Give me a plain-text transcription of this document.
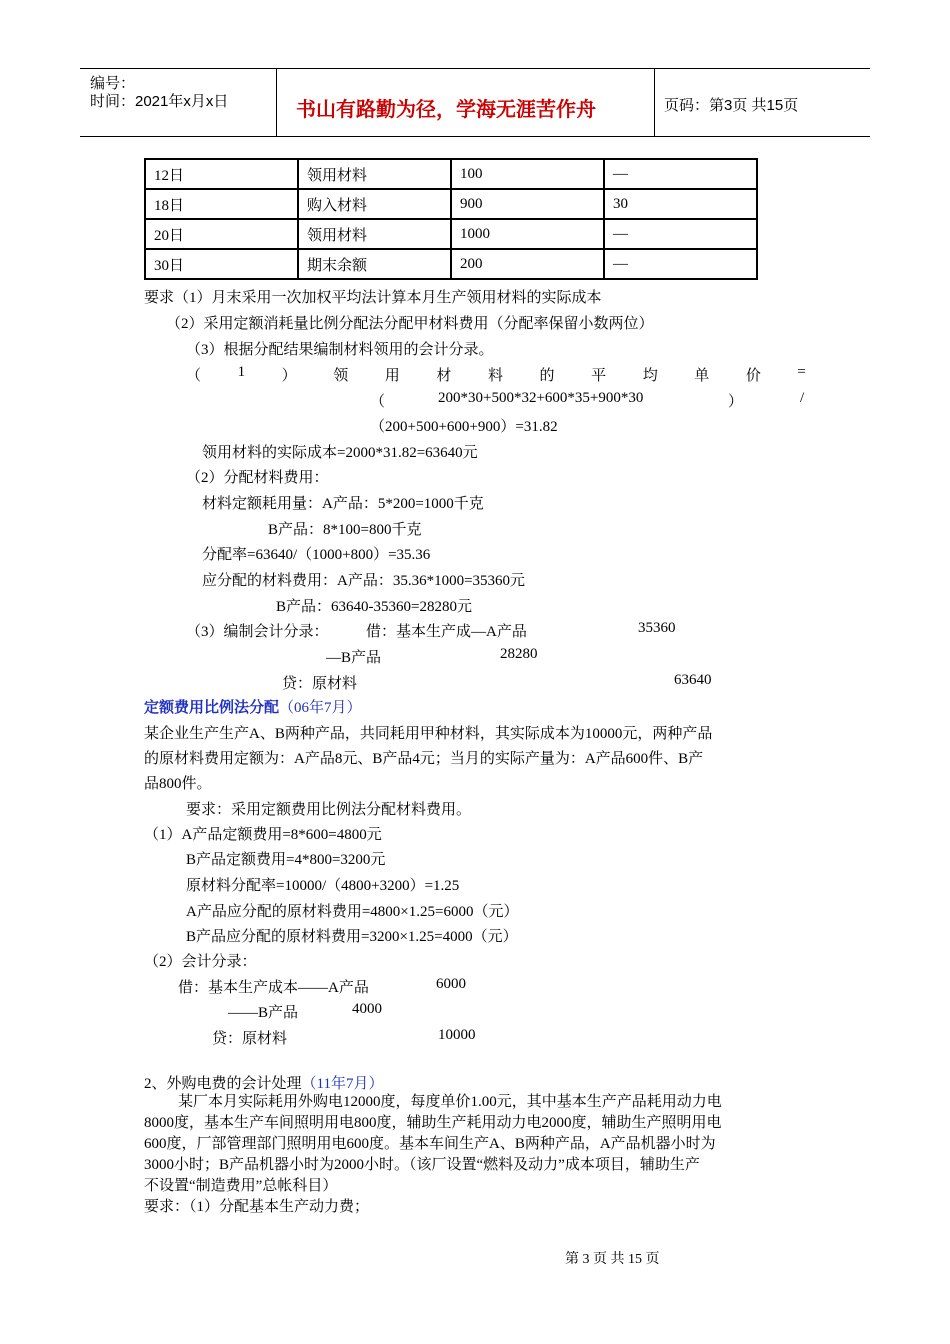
编号：
时间：2021年x月x日	书山有路勤为径，学海无涯苦作舟	页码：第3页 共15页
12日	领用材料	100	—
18日	购入材料	900	30
20日	领用材料	1000	—
30日	期末余额	200	—
要求（1）月末采用一次加权平均法计算本月生产领用材料的实际成本
（2）采用定额消耗量比例分配法分配甲材料费用（分配率保留小数两位）
（3）根据分配结果编制材料领用的会计分录。
（ 1 ） 领 用 材 料 的 平 均 单 价 =
（	200*30+500*32+600*35+900*30	）	/
（200+500+600+900）=31.82
领用材料的实际成本=2000*31.82=63640元
（2）分配材料费用：
材料定额耗用量：A产品：5*200=1000千克
B产品：8*100=800千克
分配率=63640/（1000+800）=35.36
应分配的材料费用：A产品：35.36*1000=35360元
B产品：63640-35360=28280元
（3）编制会计分录： 借：基本生产成—A产品	35360
—B产品	28280
贷：原材料	63640
定额费用比例法分配（06年7月）
某企业生产生产A、B两种产品，共同耗用甲种材料，其实际成本为10000元，两种产品
的原材料费用定额为：A产品8元、B产品4元；当月的实际产量为：A产品600件、B产
品800件。
要求：采用定额费用比例法分配材料费用。
（1）A产品定额费用=8*600=4800元
B产品定额费用=4*800=3200元
原材料分配率=10000/（4800+3200）=1.25
A产品应分配的原材料费用=4800×1.25=6000（元）
B产品应分配的原材料费用=3200×1.25=4000（元）
（2）会计分录：
借：基本生产成本——A产品	6000
——B产品	4000
贷：原材料	10000
2、外购电费的会计处理（11年7月）
某厂本月实际耗用外购电12000度，每度单价1.00元，其中基本生产产品耗用动力电
8000度，基本生产车间照明用电800度，辅助生产耗用动力电2000度，辅助生产照明用电
600度，厂部管理部门照明用电600度。基本车间生产A、B两种产品，A产品机器小时为
3000小时；B产品机器小时为2000小时。（该厂设置“燃料及动力”成本项目，辅助生产
不设置“制造费用”总帐科目）
要求：（1）分配基本生产动力费；
第 3 页 共 15 页
